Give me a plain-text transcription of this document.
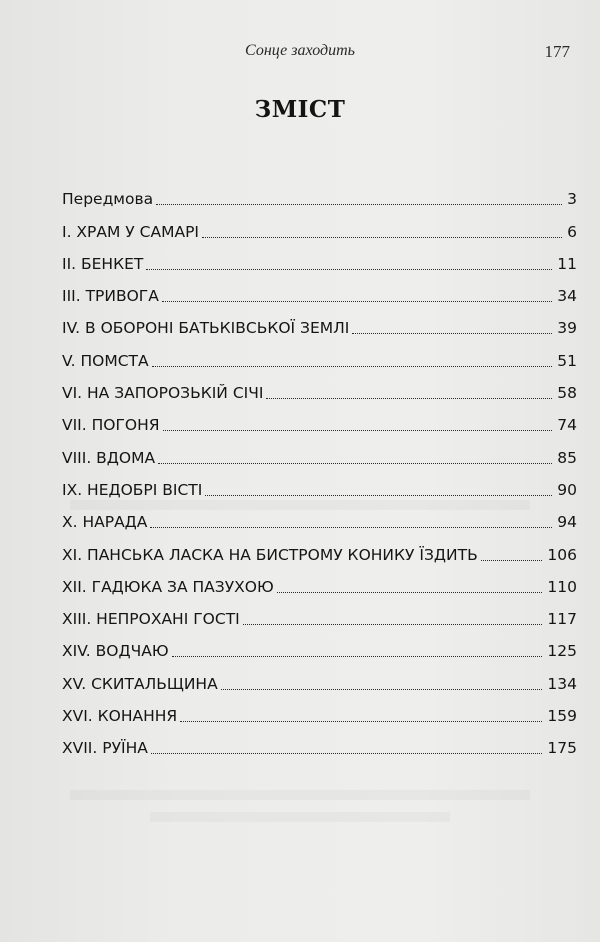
Сонце заходить	177
ЗМІСТ
Передмова	3
І. ХРАМ У САМАРІ	6
ІІ. БЕНКЕТ	11
ІІІ. ТРИВОГА	34
IV. В ОБОРОНІ БАТЬКІВСЬКОЇ ЗЕМЛІ	39
V. ПОМСТА	51
VI. НА ЗАПОРОЗЬКІЙ СІЧІ	58
VII. ПОГОНЯ	74
VIII. ВДОМА	85
IX. НЕДОБРІ ВІСТІ	90
X. НАРАДА	94
XI. ПАНСЬКА ЛАСКА НА БИСТРОМУ КОНИКУ ЇЗДИТЬ	106
XII. ГАДЮКА ЗА ПАЗУХОЮ	110
XIII. НЕПРОХАНІ ГОСТІ	117
XIV. ВОДЧАЮ	125
XV. СКИТАЛЬЩИНА	134
XVI. КОНАННЯ	159
XVII. РУЇНА	175
